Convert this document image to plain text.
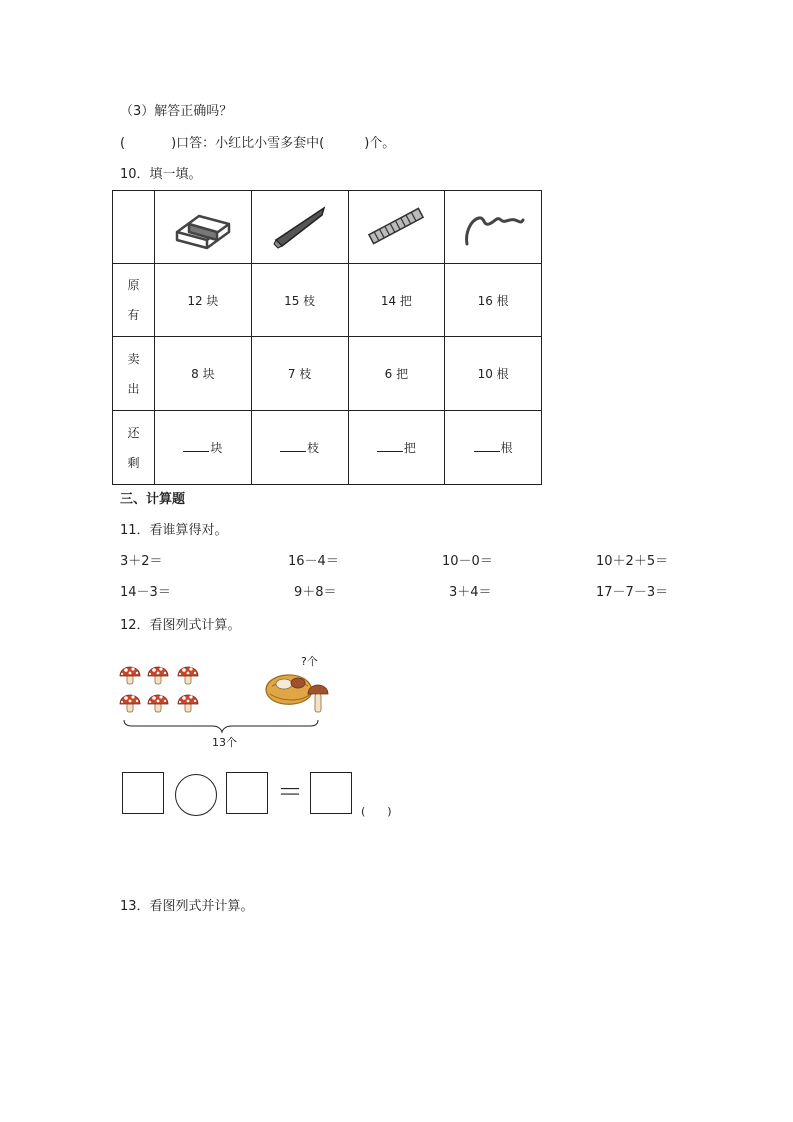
（3）解答正确吗？
(	)口答：小红比小雪多套中(	)个。
10．填一填。

原有	12 块	15 枝	14 把	16 根
卖出	8 块	7 枝	6 把	10 根
还剩	块	枝	把	根
三、计算题
11．看谁算得对。
3＋2＝	16－4＝	10－0＝	10＋2＋5＝
14－3＝	9＋8＝	3＋4＝	17－7－3＝
12．看图列式计算。
?个
13个
＝
(　　)
13．看图列式并计算。
